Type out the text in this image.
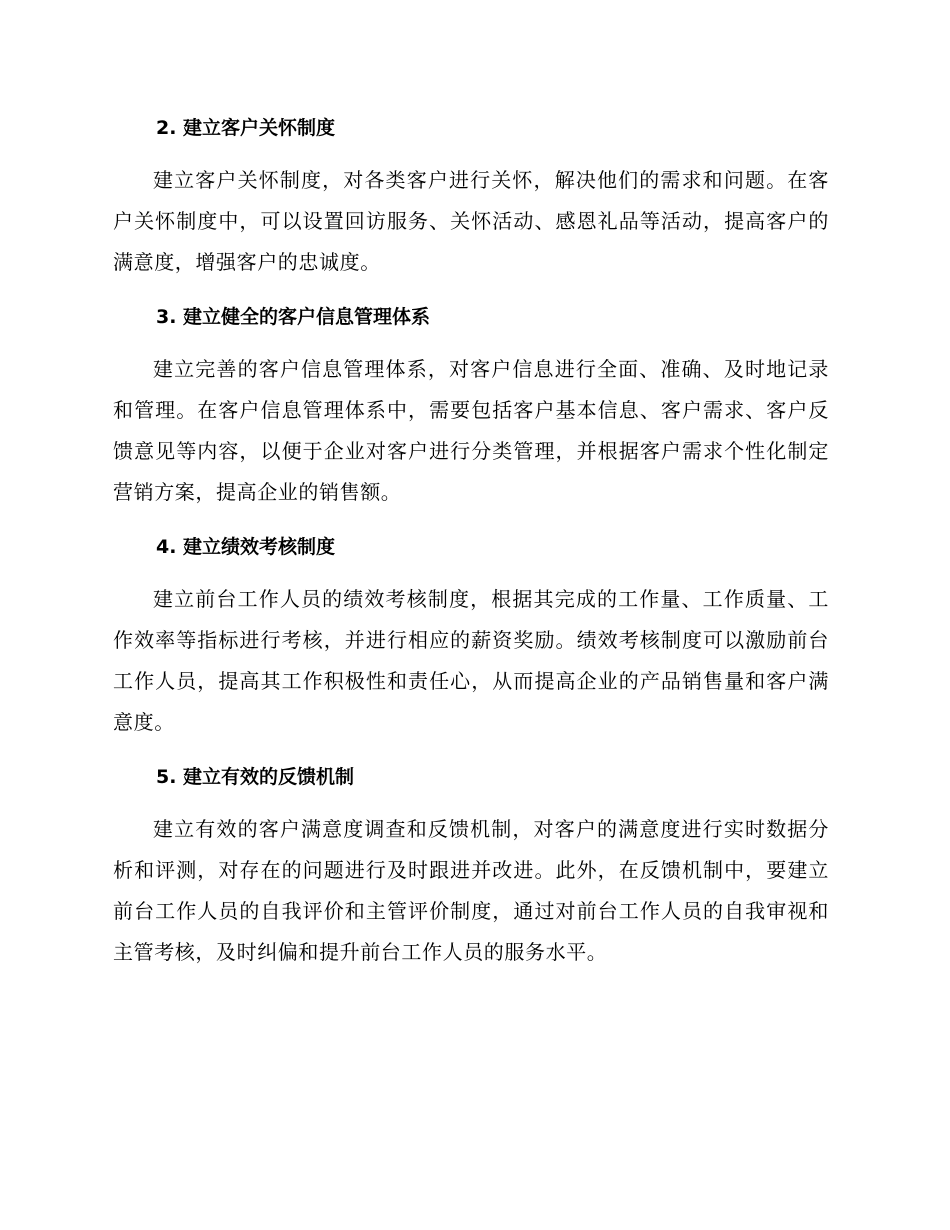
2. 建立客户关怀制度

建立客户关怀制度，对各类客户进行关怀，解决他们的需求和问题。在客户关怀制度中，可以设置回访服务、关怀活动、感恩礼品等活动，提高客户的满意度，增强客户的忠诚度。

3. 建立健全的客户信息管理体系

建立完善的客户信息管理体系，对客户信息进行全面、准确、及时地记录和管理。在客户信息管理体系中，需要包括客户基本信息、客户需求、客户反馈意见等内容，以便于企业对客户进行分类管理，并根据客户需求个性化制定营销方案，提高企业的销售额。

4. 建立绩效考核制度

建立前台工作人员的绩效考核制度，根据其完成的工作量、工作质量、工作效率等指标进行考核，并进行相应的薪资奖励。绩效考核制度可以激励前台工作人员，提高其工作积极性和责任心，从而提高企业的产品销售量和客户满意度。

5. 建立有效的反馈机制

建立有效的客户满意度调查和反馈机制，对客户的满意度进行实时数据分析和评测，对存在的问题进行及时跟进并改进。此外，在反馈机制中，要建立前台工作人员的自我评价和主管评价制度，通过对前台工作人员的自我审视和主管考核，及时纠偏和提升前台工作人员的服务水平。
